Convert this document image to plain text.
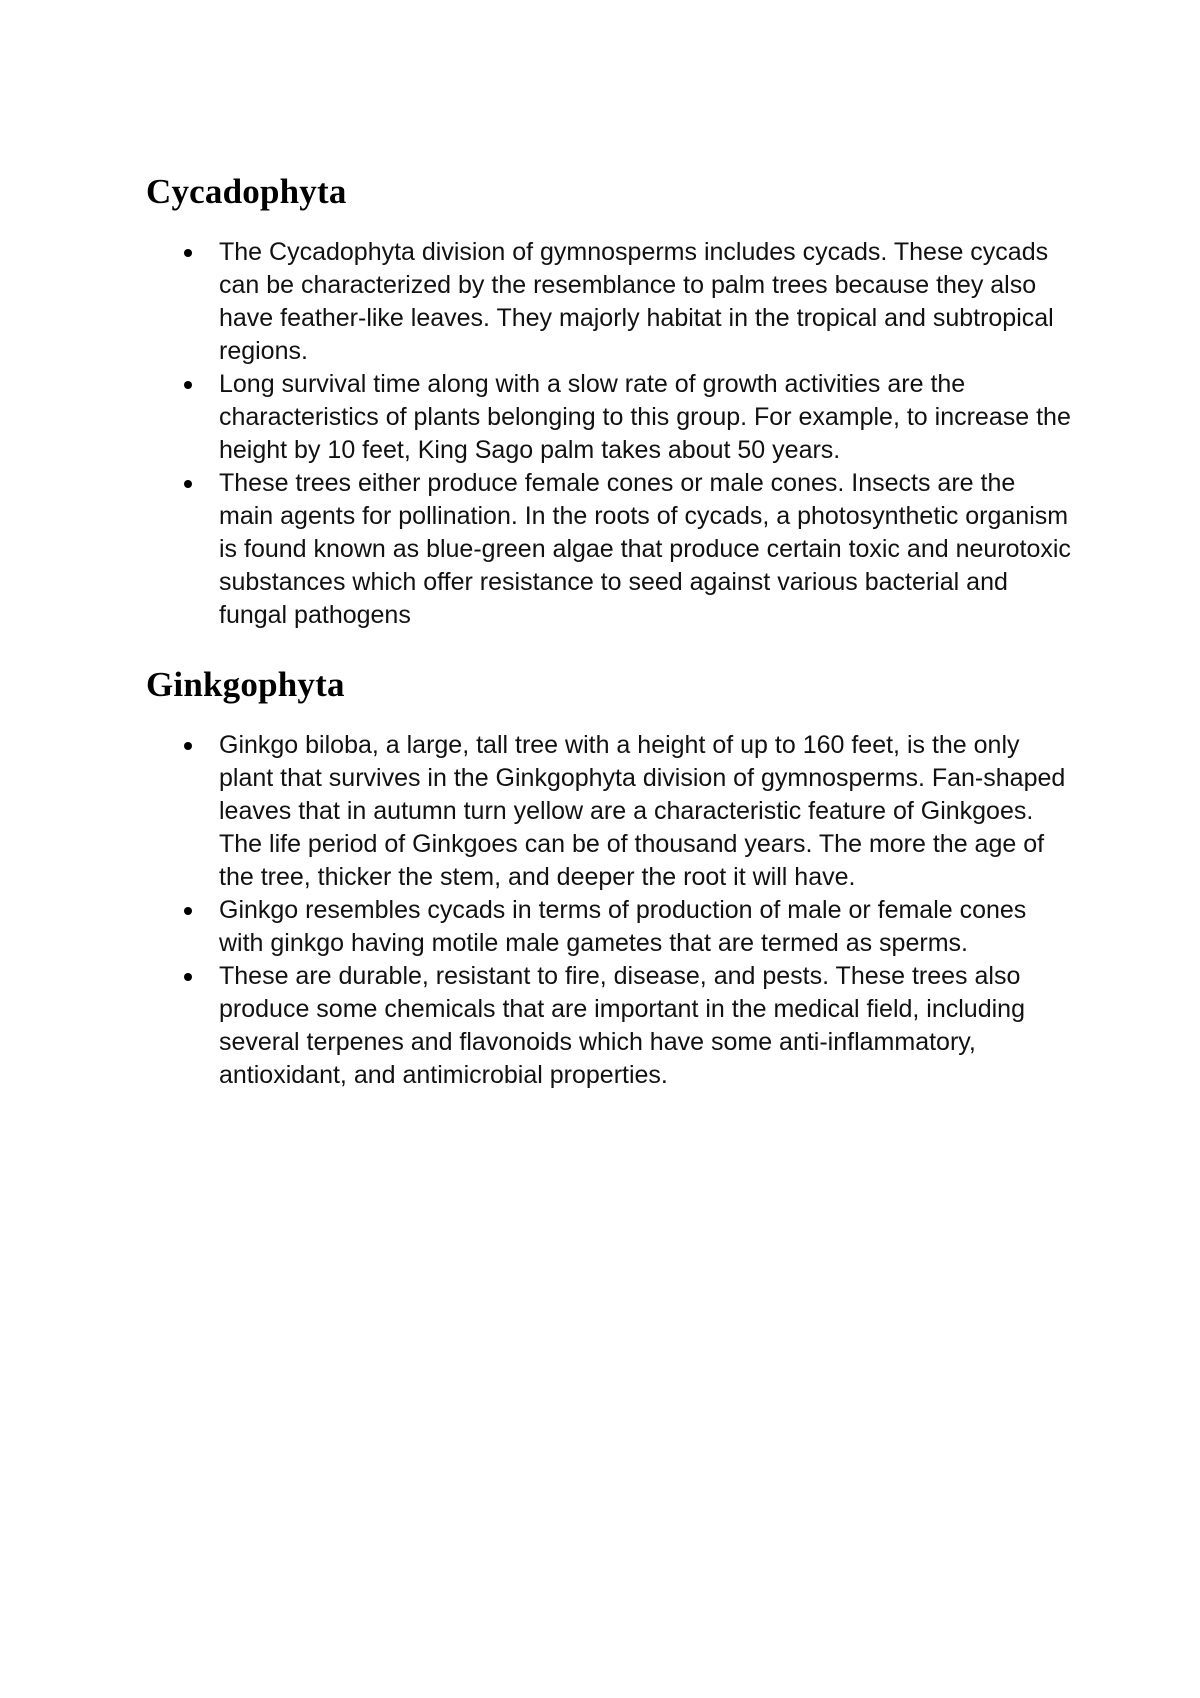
Cycadophyta
The Cycadophyta division of gymnosperms includes cycads. These cycads can be characterized by the resemblance to palm trees because they also have feather-like leaves. They majorly habitat in the tropical and subtropical regions.
Long survival time along with a slow rate of growth activities are the characteristics of plants belonging to this group. For example, to increase the height by 10 feet, King Sago palm takes about 50 years.
These trees either produce female cones or male cones. Insects are the main agents for pollination. In the roots of cycads, a photosynthetic organism is found known as blue-green algae that produce certain toxic and neurotoxic substances which offer resistance to seed against various bacterial and fungal pathogens
Ginkgophyta
Ginkgo biloba, a large, tall tree with a height of up to 160 feet, is the only plant that survives in the Ginkgophyta division of gymnosperms. Fan-shaped leaves that in autumn turn yellow are a characteristic feature of Ginkgoes. The life period of Ginkgoes can be of thousand years. The more the age of the tree, thicker the stem, and deeper the root it will have.
Ginkgo resembles cycads in terms of production of male or female cones with ginkgo having motile male gametes that are termed as sperms.
These are durable, resistant to fire, disease, and pests. These trees also produce some chemicals that are important in the medical field, including several terpenes and flavonoids which have some anti-inflammatory, antioxidant, and antimicrobial properties.
